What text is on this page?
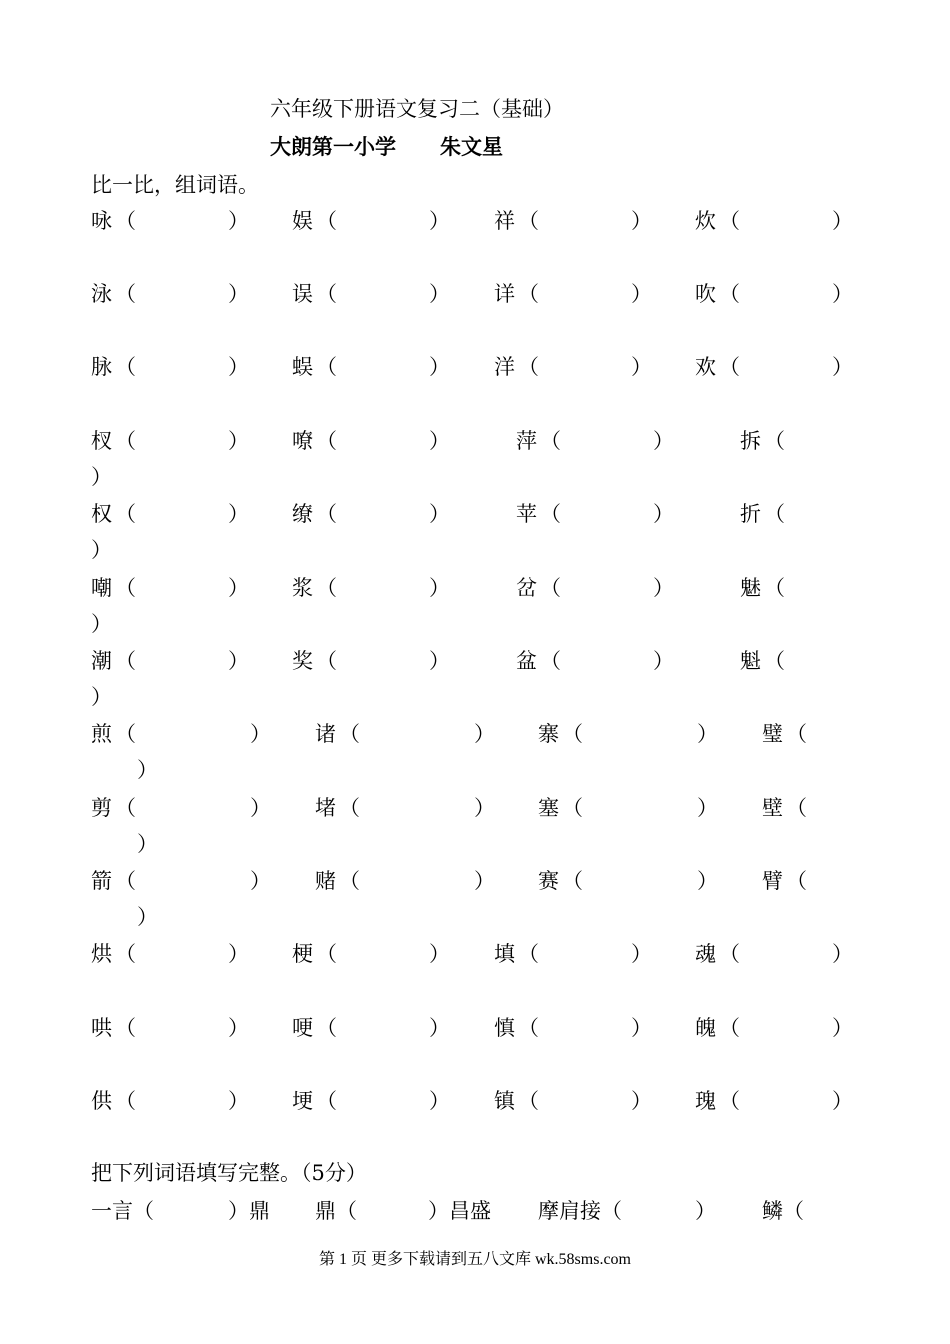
六年级下册语文复习二（基础）
大朗第一小学 朱文星
比一比，组词语。
咏 （	） 娱 （	） 祥 （	） 炊 （	）
泳 （	） 误 （	） 详 （	） 吹 （	）
脉 （	） 蜈 （	） 洋 （	） 欢 （	）
杈 （	） 嘹 （	）	萍 （	）	拆 （
）
权 （	） 缭 （	）	苹 （	）	折 （
）
嘲 （	） 浆 （	）	岔 （	）	魅 （
）
潮 （	） 奖 （	）	盆 （	）	魁 （
）
煎 （	） 诸 （	） 寨 （	） 璧 （
）
剪 （	） 堵 （	） 塞 （	） 壁 （
）
箭 （	） 赌 （	） 赛 （	） 臂 （
）
烘 （	） 梗 （	） 填 （	） 魂 （	）
哄 （	） 哽 （	） 慎 （	） 魄 （	）
供 （	） 埂 （	） 镇 （	） 瑰 （	）
把下列词语填写完整。（5分）
一言（	）鼎 鼎（	）昌盛 摩肩接（	） 鳞（
第 1 页 更多下载请到五八文库 wk.58sms.com
